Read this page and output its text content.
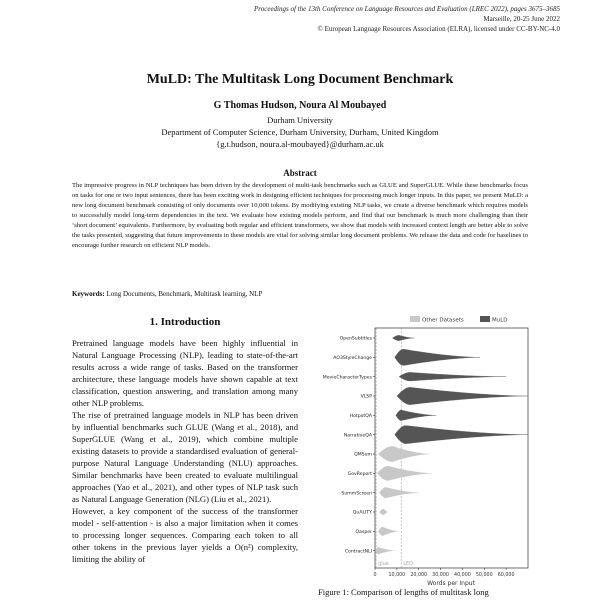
Proceedings of the 13th Conference on Language Resources and Evaluation (LREC 2022), pages 3675–3685
Marseille, 20-25 June 2022
© European Language Resources Association (ELRA), licensed under CC-BY-NC-4.0
MuLD: The Multitask Long Document Benchmark
G Thomas Hudson, Noura Al Moubayed
Durham University
Department of Computer Science, Durham University, Durham, United Kingdom
{g.t.hudson, noura.al-moubayed}@durham.ac.uk
Abstract
The impressive progress in NLP techniques has been driven by the development of multi-task benchmarks such as GLUE and SuperGLUE. While these benchmarks focus on tasks for one or two input sentences, there has been exciting work in designing efficient techniques for processing much longer inputs. In this paper, we present MuLD: a new long document benchmark consisting of only documents over 10,000 tokens. By modifying existing NLP tasks, we create a diverse benchmark which requires models to successfully model long-term dependencies in the text. We evaluate how existing models perform, and find that our benchmark is much more challenging than their ‘short document’ equivalents. Furthermore, by evaluating both regular and efficient transformers, we show that models with increased context length are better able to solve the tasks presented, suggesting that future improvements in these models are vital for solving similar long document problems. We release the data and code for baselines to encourage further research on efficient NLP models.
Keywords: Long Documents, Benchmark, Multitask learning, NLP
1. Introduction

Pretrained language models have been highly influential in Natural Language Processing (NLP), leading to state-of-the-art results across a wide range of tasks. Based on the transformer architecture, these language models have shown capable at text classification, question answering, and translation among many other NLP problems.

The rise of pretrained language models in NLP has been driven by influential benchmarks such GLUE (Wang et al., 2018), and SuperGLUE (Wang et al., 2019), which combine multiple existing datasets to provide a standardised evaluation of general-purpose Natural Language Understanding (NLU) approaches. Similar benchmarks have been created to evaluate multilingual approaches (Yao et al., 2021), and other types of NLP task such as Natural Language Generation (NLG) (Liu et al., 2021).

However, a key component of the success of the transformer model - self-attention - is also a major limitation when it comes to processing longer sequences. Comparing each token to all other tokens in the previous layer yields a O(n²) complexity, limiting the ability of

0 10,000 20,000 30,000 40,000 50,000 60,000
glue	LED
OpenSubtitles
AO3StyleChange
MovieCharacterTypes
VLSP
HotpotQA
NarrativeQA
QMSum
GovReport
SummScreen
QuALITY
Qasper
ContractNLI
Other Datasets	MuLD
Words per Input
Figure 1: Comparison of lengths of multitask long
